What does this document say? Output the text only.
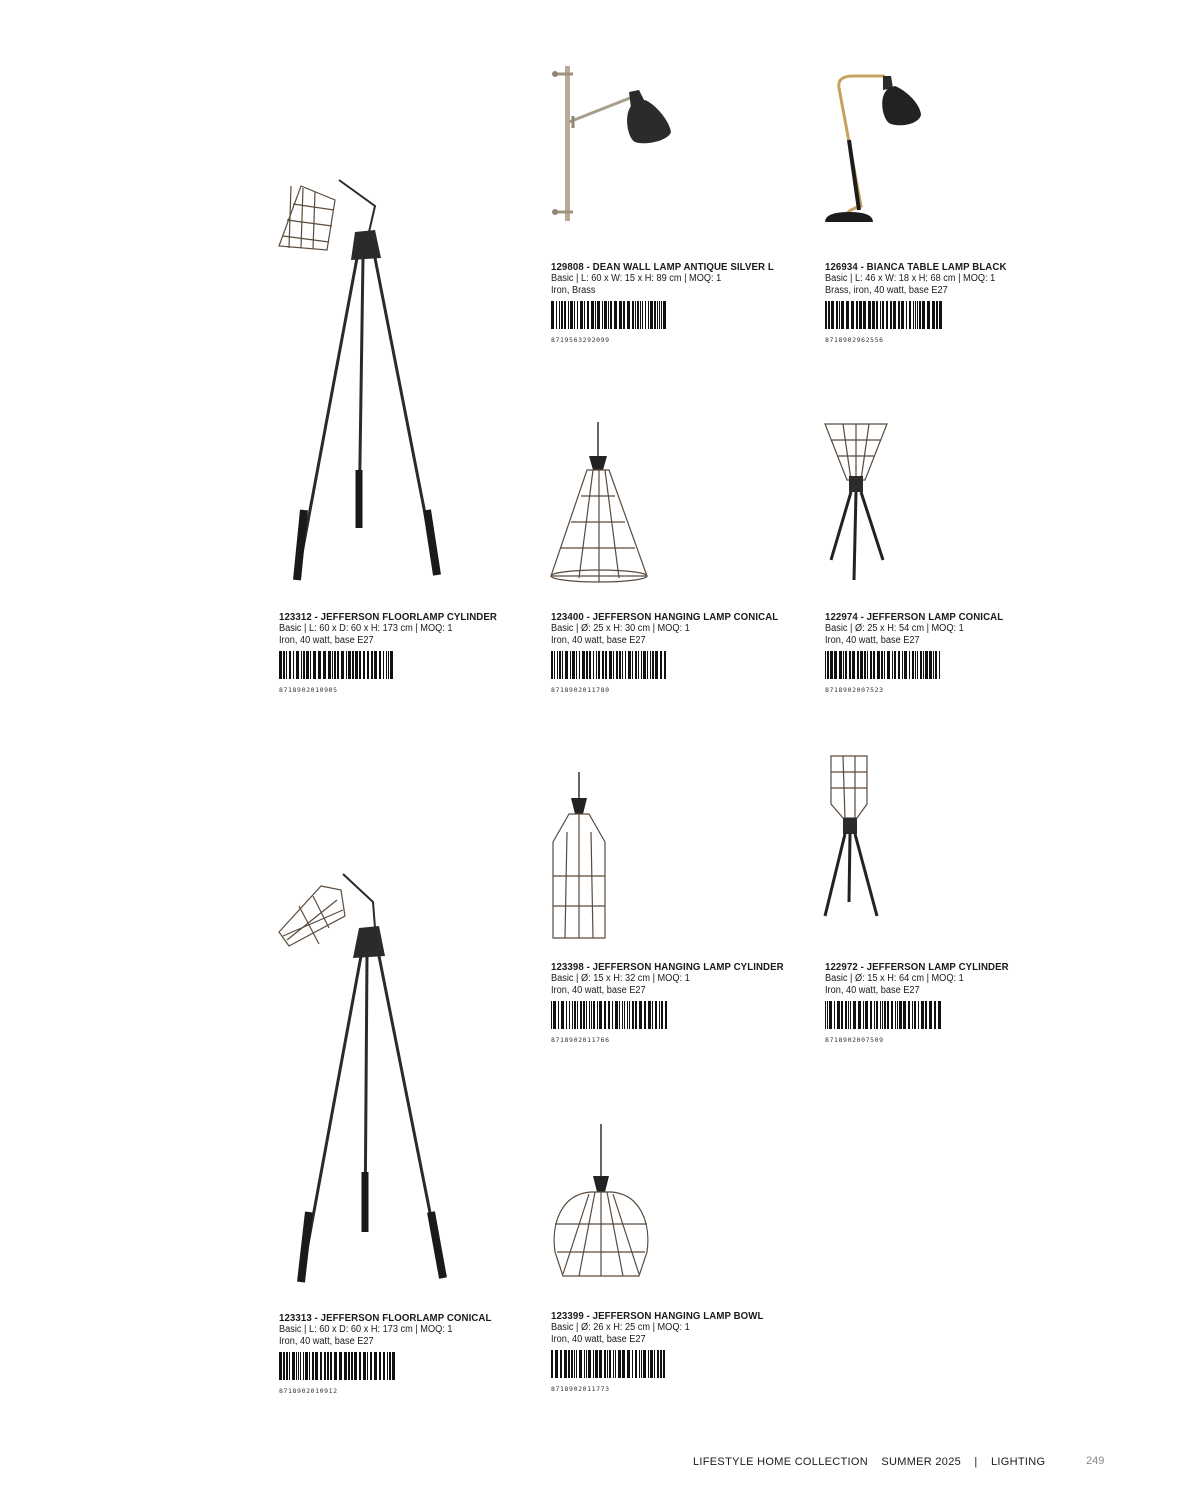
129808 - DEAN WALL LAMP ANTIQUE SILVER L
Basic | L: 60 x W: 15 x H: 89 cm | MOQ: 1
Iron, Brass
8719563292099
126934 - BIANCA TABLE LAMP BLACK
Basic | L: 46 x W: 18 x H: 68 cm | MOQ: 1
Brass, iron, 40 watt, base E27
8718902962556
123312 - JEFFERSON FLOORLAMP CYLINDER
Basic | L: 60 x D: 60 x H: 173 cm | MOQ: 1
Iron, 40 watt, base E27
8718902010905
123400 - JEFFERSON HANGING LAMP CONICAL
Basic | Ø: 25 x H: 30 cm | MOQ: 1
Iron, 40 watt, base E27
8718902011780
122974 - JEFFERSON LAMP CONICAL
Basic | Ø: 25 x H: 54 cm | MOQ: 1
Iron, 40 watt, base E27
8718902007523
123398 - JEFFERSON HANGING LAMP CYLINDER
Basic | Ø: 15 x H: 32 cm | MOQ: 1
Iron, 40 watt, base E27
8718902011766
122972 - JEFFERSON LAMP CYLINDER
Basic | Ø: 15 x H: 64 cm | MOQ: 1
Iron, 40 watt, base E27
8718902007509
123313 - JEFFERSON FLOORLAMP CONICAL
Basic | L: 60 x D: 60 x H: 173 cm | MOQ: 1
Iron, 40 watt, base E27
8718902010912
123399 - JEFFERSON HANGING LAMP BOWL
Basic | Ø: 26 x H: 25 cm | MOQ: 1
Iron, 40 watt, base E27
8718902011773
LIFESTYLE HOME COLLECTION SUMMER 2025 | LIGHTING	249
